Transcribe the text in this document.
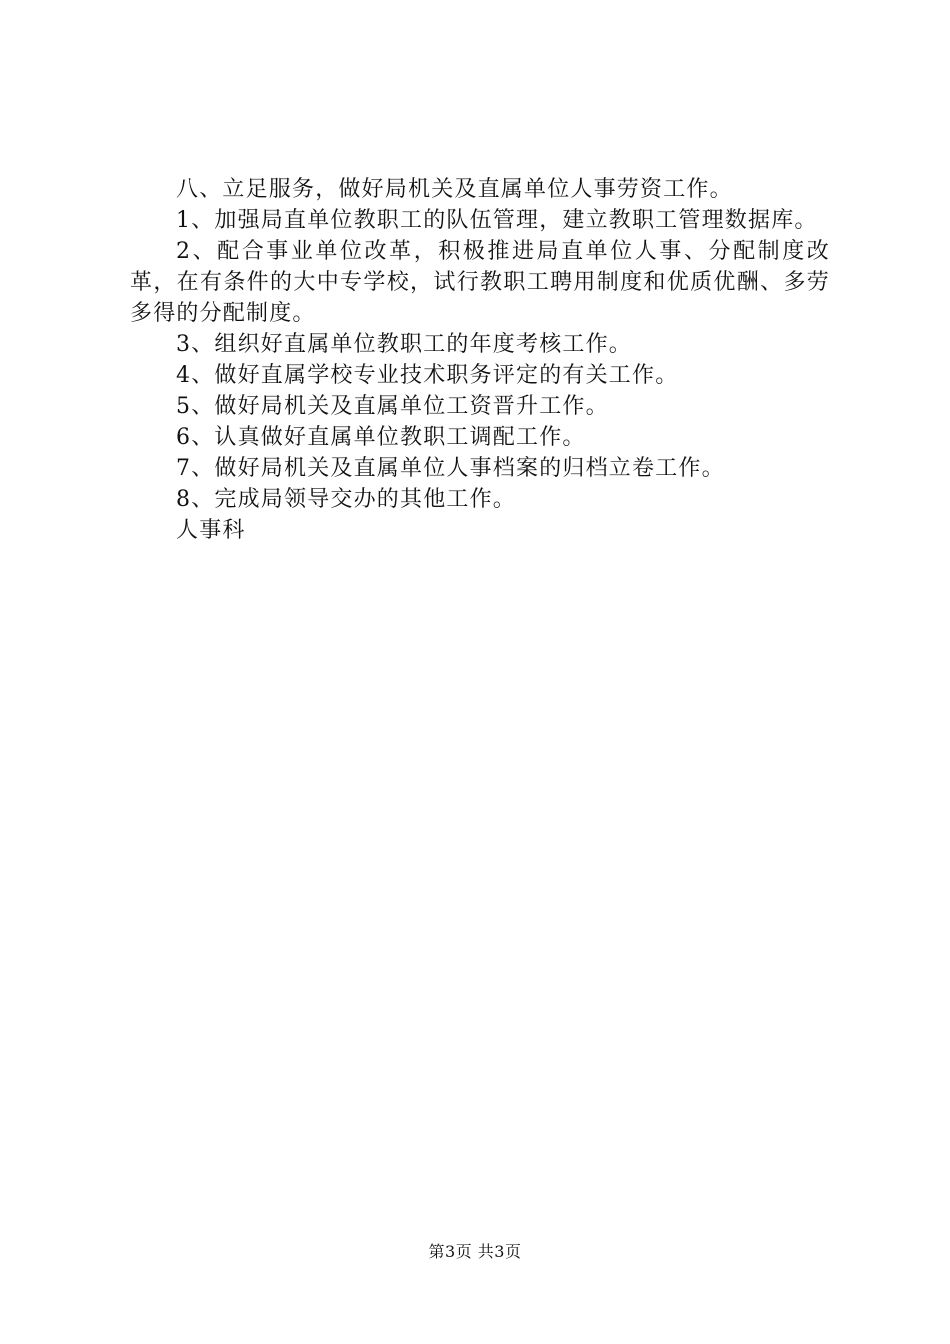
八、立足服务，做好局机关及直属单位人事劳资工作。

1、加强局直单位教职工的队伍管理，建立教职工管理数据库。

2、配合事业单位改革，积极推进局直单位人事、分配制度改革，在有条件的大中专学校，试行教职工聘用制度和优质优酬、多劳多得的分配制度。

3、组织好直属单位教职工的年度考核工作。

4、做好直属学校专业技术职务评定的有关工作。

5、做好局机关及直属单位工资晋升工作。

6、认真做好直属单位教职工调配工作。

7、做好局机关及直属单位人事档案的归档立卷工作。

8、完成局领导交办的其他工作。

人事科

第3页 共3页
